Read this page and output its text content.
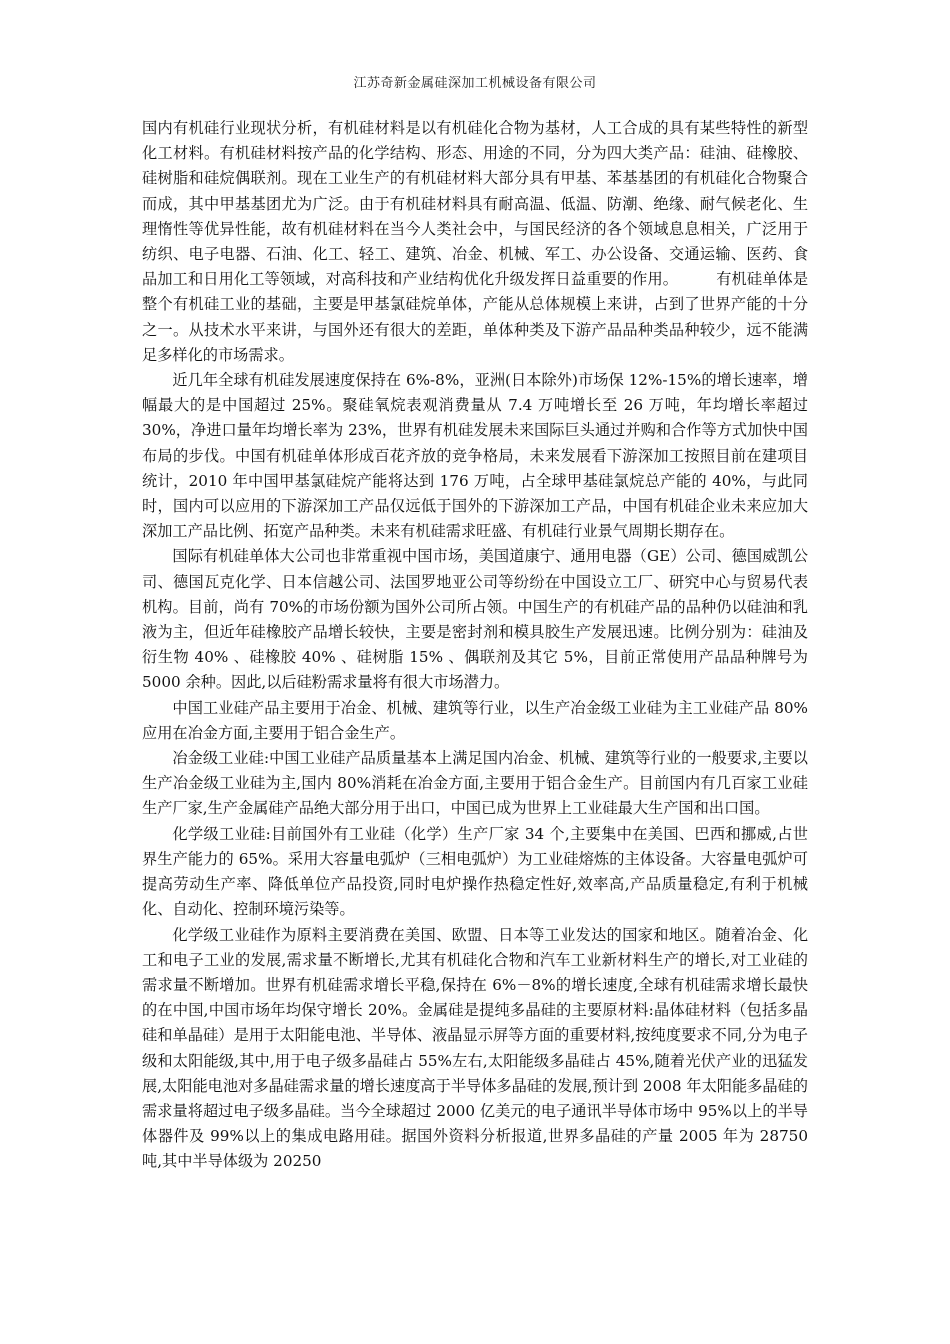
江苏奇新金属硅深加工机械设备有限公司

国内有机硅行业现状分析，有机硅材料是以有机硅化合物为基材，人工合成的具有某些特性的新型化工材料。有机硅材料按产品的化学结构、形态、用途的不同，分为四大类产品：硅油、硅橡胶、硅树脂和硅烷偶联剂。现在工业生产的有机硅材料大部分具有甲基、苯基基团的有机硅化合物聚合而成，其中甲基基团尤为广泛。由于有机硅材料具有耐高温、低温、防潮、绝缘、耐气候老化、生理惰性等优异性能，故有机硅材料在当今人类社会中，与国民经济的各个领域息息相关，广泛用于纺织、电子电器、石油、化工、轻工、建筑、冶金、机械、军工、办公设备、交通运输、医药、食品加工和日用化工等领域，对高科技和产业结构优化升级发挥日益重要的作用。	有机硅单体是整个有机硅工业的基础，主要是甲基氯硅烷单体，产能从总体规模上来讲，占到了世界产能的十分之一。从技术水平来讲，与国外还有很大的差距，单体种类及下游产品品种类品种较少，远不能满足多样化的市场需求。

近几年全球有机硅发展速度保持在 6%-8%，亚洲(日本除外)市场保 12%-15%的增长速率，增幅最大的是中国超过 25%。聚硅氧烷表观消费量从 7.4 万吨增长至 26 万吨，年均增长率超过 30%，净进口量年均增长率为 23%，世界有机硅发展未来国际巨头通过并购和合作等方式加快中国布局的步伐。中国有机硅单体形成百花齐放的竞争格局，未来发展看下游深加工按照目前在建项目统计，2010 年中国甲基氯硅烷产能将达到 176 万吨，占全球甲基硅氯烷总产能的 40%，与此同时，国内可以应用的下游深加工产品仅远低于国外的下游深加工产品，中国有机硅企业未来应加大深加工产品比例、拓宽产品种类。未来有机硅需求旺盛、有机硅行业景气周期长期存在。

国际有机硅单体大公司也非常重视中国市场，美国道康宁、通用电器（GE）公司、德国威凯公司、德国瓦克化学、日本信越公司、法国罗地亚公司等纷纷在中国设立工厂、研究中心与贸易代表机构。目前，尚有 70%的市场份额为国外公司所占领。中国生产的有机硅产品的品种仍以硅油和乳液为主，但近年硅橡胶产品增长较快，主要是密封剂和模具胶生产发展迅速。比例分别为：硅油及衍生物 40% 、硅橡胶 40% 、硅树脂 15% 、偶联剂及其它 5%，目前正常使用产品品种牌号为 5000 余种。因此,以后硅粉需求量将有很大市场潜力。

中国工业硅产品主要用于冶金、机械、建筑等行业，以生产冶金级工业硅为主工业硅产品 80%应用在冶金方面,主要用于铝合金生产。

冶金级工业硅:中国工业硅产品质量基本上满足国内冶金、机械、建筑等行业的一般要求,主要以生产冶金级工业硅为主,国内 80%消耗在冶金方面,主要用于铝合金生产。目前国内有几百家工业硅生产厂家,生产金属硅产品绝大部分用于出口，中国已成为世界上工业硅最大生产国和出口国。

化学级工业硅:目前国外有工业硅（化学）生产厂家 34 个,主要集中在美国、巴西和挪威,占世界生产能力的 65%。采用大容量电弧炉（三相电弧炉）为工业硅熔炼的主体设备。大容量电弧炉可提高劳动生产率、降低单位产品投资,同时电炉操作热稳定性好,效率高,产品质量稳定,有利于机械化、自动化、控制环境污染等。

化学级工业硅作为原料主要消费在美国、欧盟、日本等工业发达的国家和地区。随着冶金、化工和电子工业的发展,需求量不断增长,尤其有机硅化合物和汽车工业新材料生产的增长,对工业硅的需求量不断增加。世界有机硅需求增长平稳,保持在 6%－8%的增长速度,全球有机硅需求增长最快的在中国,中国市场年均保守增长 20%。金属硅是提纯多晶硅的主要原材料:晶体硅材料（包括多晶硅和单晶硅）是用于太阳能电池、半导体、液晶显示屏等方面的重要材料,按纯度要求不同,分为电子级和太阳能级,其中,用于电子级多晶硅占 55%左右,太阳能级多晶硅占 45%,随着光伏产业的迅猛发展,太阳能电池对多晶硅需求量的增长速度高于半导体多晶硅的发展,预计到 2008 年太阳能多晶硅的需求量将超过电子级多晶硅。当今全球超过 2000 亿美元的电子通讯半导体市场中 95%以上的半导体器件及 99%以上的集成电路用硅。据国外资料分析报道,世界多晶硅的产量 2005 年为 28750 吨,其中半导体级为 20250
